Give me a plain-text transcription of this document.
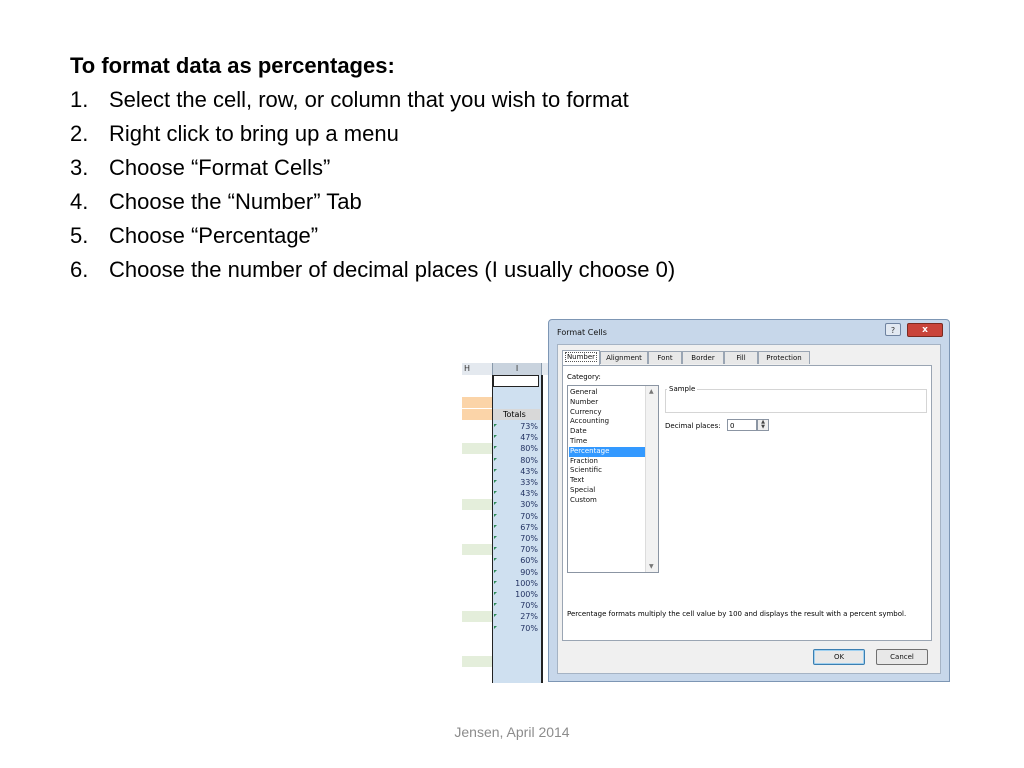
To format data as percentages:
1. Select the cell, row, or column that you wish to format
2. Right click to bring up a menu
3. Choose “Format Cells”
4. Choose the “Number” Tab
5. Choose “Percentage”
6. Choose the number of decimal places (I usually choose 0)
H	I
Totals
73%
47%
80%
80%
43%
33%
43%
30%
70%
67%
70%
70%
60%
90%
100%
100%
70%
27%
70%
Format Cells	?	x
Number	Alignment	Font	Border	Fill	Protection
Category:
General
Number
Currency
Accounting
Date
Time
Percentage
Fraction
Scientific
Text
Special
Custom
▲
▼
Sample
Decimal places:	0	▲
▼
Percentage formats multiply the cell value by 100 and displays the result with a percent symbol.
OK	Cancel
Jensen, April 2014
